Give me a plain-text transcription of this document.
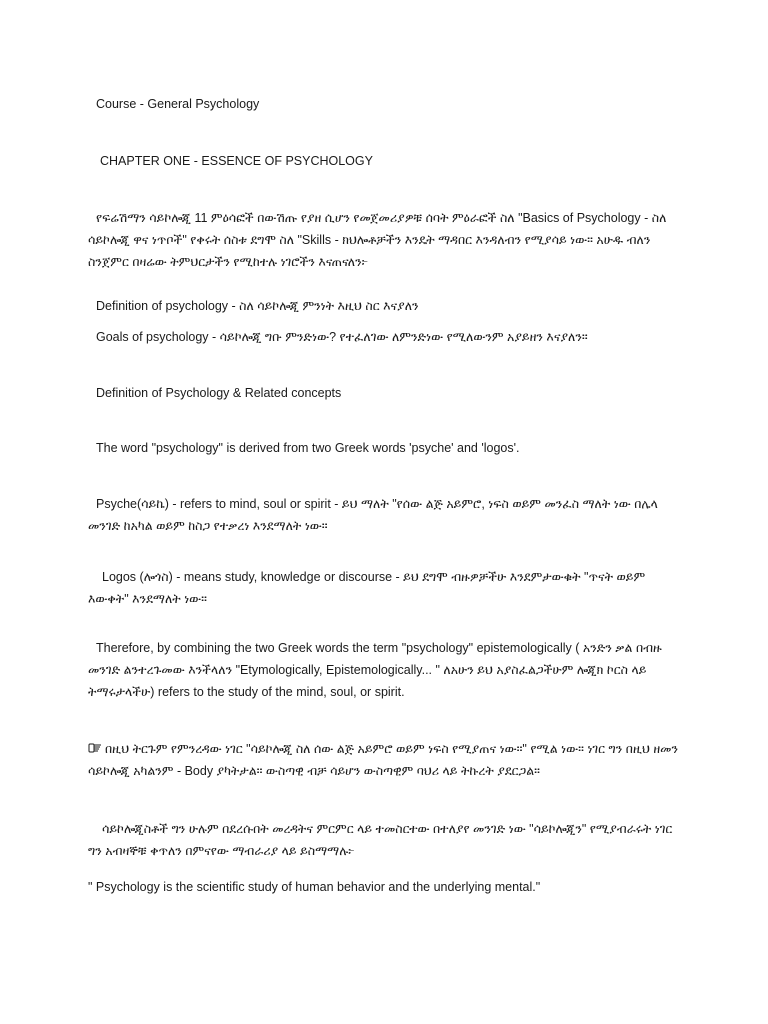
Course - General Psychology

CHAPTER ONE - ESSENCE OF PSYCHOLOGY

የፍሬሽማን ሳይኮሎጂ 11 ምዕሳፎች በውሽጡ የያዘ ሲሆን የመጀመሪያዎቹ ሰባት ምዕራፎች ስለ "Basics of Psychology - ስለ ሳይኮሎጂ ዋና ነጥቦች" የቀሩት ሰስቱ ደግሞ ስለ "Skills - ክህሎቶቻችን እንዴት ማዳበር እንዳለብን የሚያሳይ ነው። አሁዱ ብለን ስንጀምር በዛሬው ትምህርታችን የሚከተሉ ነገሮችን እናጠናለን፦

Definition of psychology - ስለ ሳይኮሎጂ ምንነት እዚህ ስር እናያለን

Goals of psychology - ሳይኮሎጂ ግቡ ምንድነው? የተፈለገው ለምንድነው የሚለውንም አያይዘን እናያለን።

Definition of Psychology & Related concepts

The word "psychology" is derived from two Greek words 'psyche' and 'logos'.

Psyche(ሳይኬ) - refers to mind, soul or spirit - ይህ ማለት "የሰው ልጅ አይምሮ, ነፍስ ወይም መንፈስ ማለት ነው በሌላ መንገድ ከአካል ወይም ከስጋ የተቃረነ እንደማለት ነው።

Logos (ሎጎስ) - means study, knowledge or discourse - ይህ ደግሞ ብዙዎቻችሁ እንደምታውቁት "ጥናት ወይም እውቀት" እንደማለት ነው።

Therefore, by combining the two Greek words the term "psychology" epistemologically ( አንድን ቃል በብዙ መንገድ ልንተረጉመው እንችላለን "Etymologically, Epistemologically... " ለአሁን ይህ አያስፈልጋችሁም ሎጂክ ኮርስ ላይ ትማሩታላችሁ) refers to the study of the mind, soul, or spirit.

በዚህ ትርጉም የምንረዳው ነገር "ሳይኮሎጂ ስለ ሰው ልጅ አይምሮ ወይም ነፍስ የሚያጠና ነው።" የሚል ነው። ነገር ግን በዚህ ዘመን ሳይኮሎጂ አካልንም - Body ያካትታል። ውስጣዊ ብቻ ሳይሆን ውስጣዊም ባህሪ ላይ ትኩረት ያደርጋል።

ሳይኮሎጂስቶች ግን ሁሉም በደረሱበት መረዳትና ምርምር ላይ ተመስርተው በተለያየ መንገድ ነው "ሳይኮሎጂን" የሚያብራሩት ነገር ግን አብዛኞቹ ቀጥለን በምናየው ማብራሪያ ላይ ይስማማሉ፦

" Psychology is the scientific study of human behavior and the underlying mental."
